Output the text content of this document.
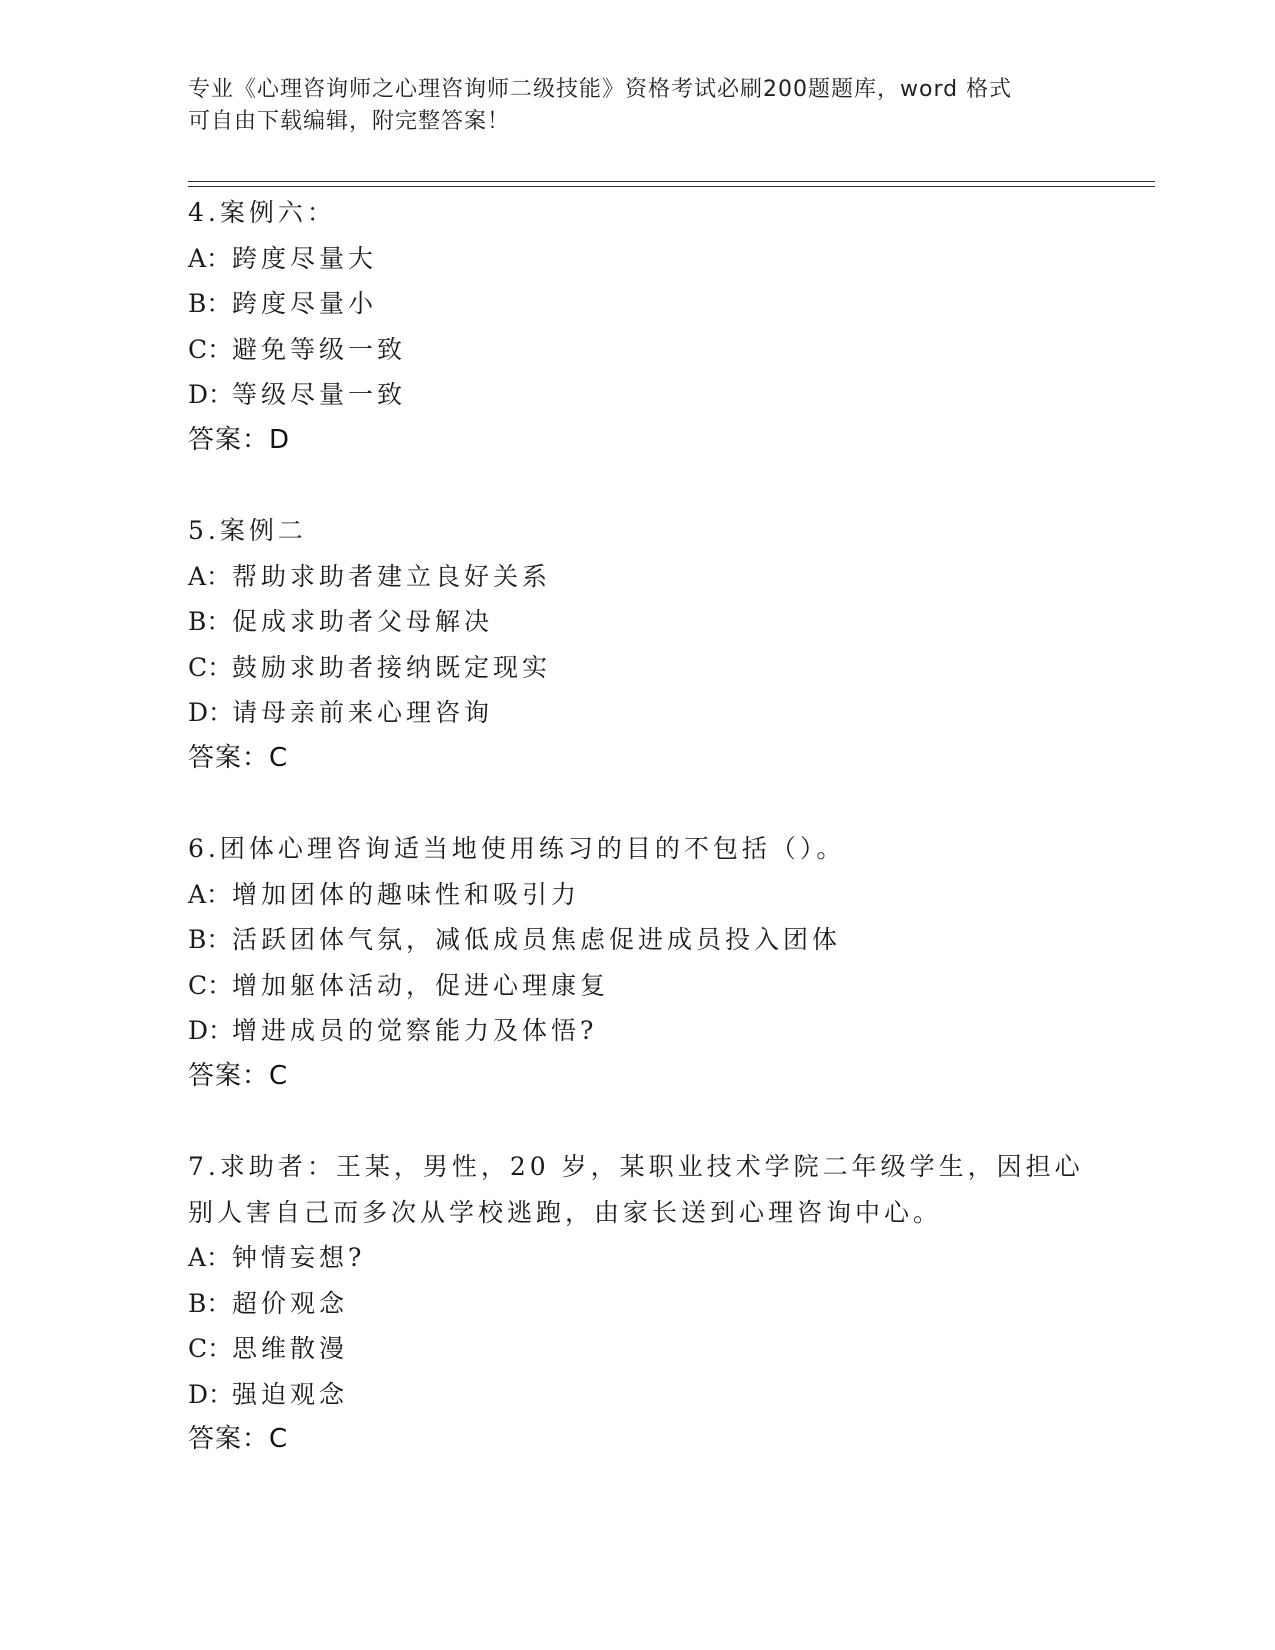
专业《心理咨询师之心理咨询师二级技能》资格考试必刷200题题库，word 格式

可自由下载编辑，附完整答案！

4.案例六：
A：跨度尽量大
B：跨度尽量小
C：避免等级一致
D：等级尽量一致
答案：D
5.案例二
A：帮助求助者建立良好关系
B：促成求助者父母解决
C：鼓励求助者接纳既定现实
D：请母亲前来心理咨询
答案：C
6.团体心理咨询适当地使用练习的目的不包括（）。
A：增加团体的趣味性和吸引力
B：活跃团体气氛，减低成员焦虑促进成员投入团体
C：增加躯体活动，促进心理康复
D：增进成员的觉察能力及体悟?
答案：C
7.求助者：王某，男性，20 岁，某职业技术学院二年级学生，因担心
别人害自己而多次从学校逃跑，由家长送到心理咨询中心。
A：钟情妄想?
B：超价观念
C：思维散漫
D：强迫观念
答案：C
